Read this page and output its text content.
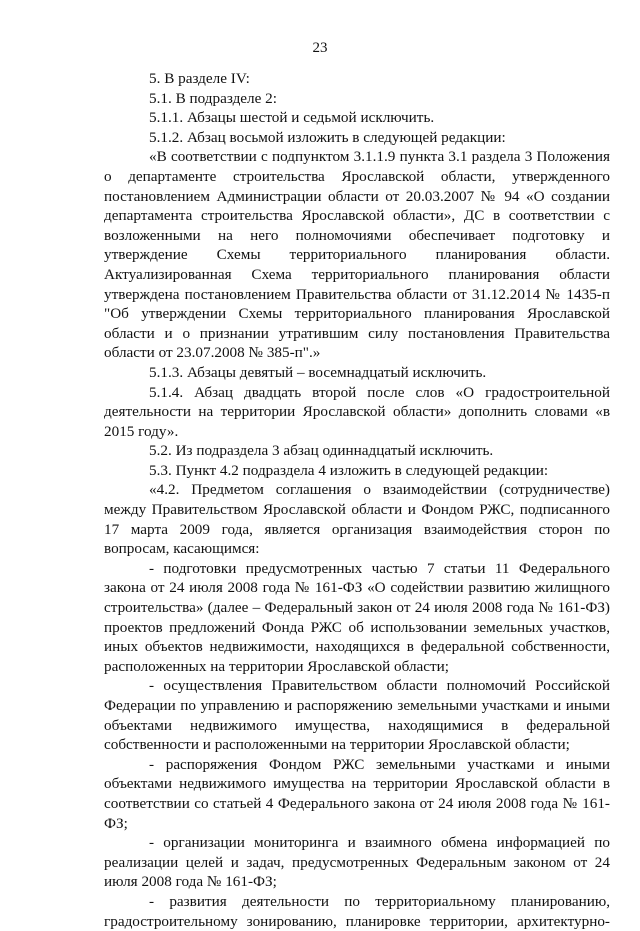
23

5. В разделе IV:

5.1. В подразделе 2:

5.1.1. Абзацы шестой и седьмой исключить.

5.1.2. Абзац восьмой изложить в следующей редакции:

«В соответствии с подпунктом 3.1.1.9 пункта 3.1 раздела 3 Положения о департаменте строительства Ярославской области, утвержденного постановлением Администрации области от 20.03.2007 № 94 «О создании департамента строительства Ярославской области», ДС в соответствии с возложенными на него полномочиями обеспечивает подготовку и утверждение Схемы территориального планирования области. Актуализированная Схема территориального планирования области утверждена постановлением Правительства области от 31.12.2014 № 1435-п "Об утверждении Схемы территориального планирования Ярославской области и о признании утратившим силу постановления Правительства области от 23.07.2008 № 385-п".»

5.1.3. Абзацы девятый – восемнадцатый исключить.

5.1.4. Абзац двадцать второй после слов «О градостроительной деятельности на территории Ярославской области» дополнить словами «в 2015 году».

5.2. Из подраздела 3 абзац одиннадцатый исключить.

5.3. Пункт 4.2 подраздела 4 изложить в следующей редакции:

«4.2. Предметом соглашения о взаимодействии (сотрудничестве) между Правительством Ярославской области и Фондом РЖС, подписанного 17 марта 2009 года, является организация взаимодействия сторон по вопросам, касающимся:

- подготовки предусмотренных частью 7 статьи 11 Федерального закона от 24 июля 2008 года № 161-ФЗ «О содействии развитию жилищного строительства» (далее – Федеральный закон от 24 июля 2008 года № 161-ФЗ) проектов предложений Фонда РЖС об использовании земельных участков, иных объектов недвижимости, находящихся в федеральной собственности, расположенных на территории Ярославской области;

- осуществления Правительством области полномочий Российской Федерации по управлению и распоряжению земельными участками и иными объектами недвижимого имущества, находящимися в федеральной собственности и расположенными на территории Ярославской области;

- распоряжения Фондом РЖС земельными участками и иными объектами недвижимого имущества на территории Ярославской области в соответствии со статьей 4 Федерального закона от 24 июля 2008 года № 161-ФЗ;

- организации мониторинга и взаимного обмена информацией по реализации целей и задач, предусмотренных Федеральным законом от 24 июля 2008 года № 161-ФЗ;

- развития деятельности по территориальному планированию, градостроительному зонированию, планировке территории, архитектурно-
